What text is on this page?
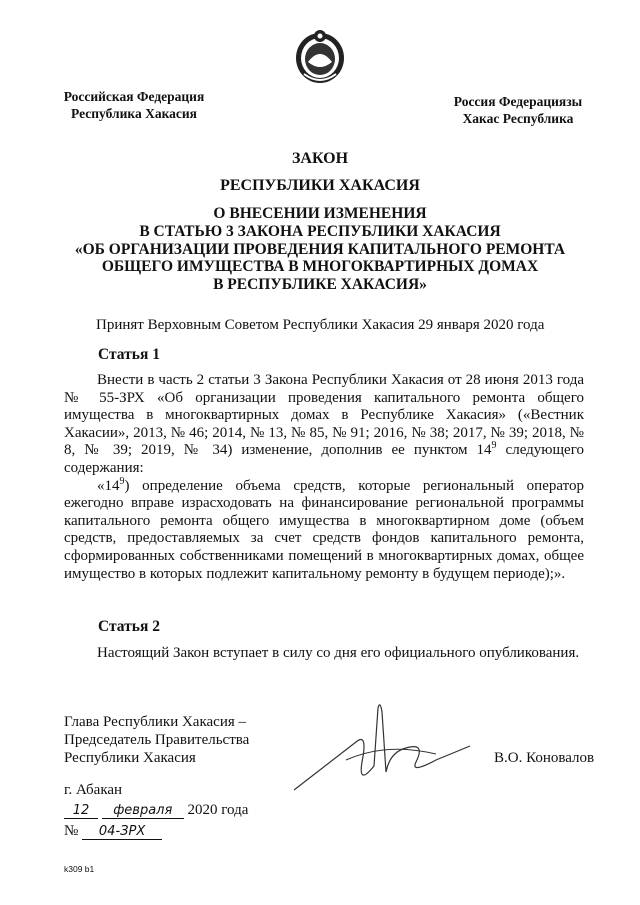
Российская Федерация
Республика Хакасия
Россия Федерациязы
Хакас Республика
ЗАКОН
РЕСПУБЛИКИ ХАКАСИЯ
О ВНЕСЕНИИ ИЗМЕНЕНИЯ
В СТАТЬЮ 3 ЗАКОНА РЕСПУБЛИКИ ХАКАСИЯ
«ОБ ОРГАНИЗАЦИИ ПРОВЕДЕНИЯ КАПИТАЛЬНОГО РЕМОНТА
ОБЩЕГО ИМУЩЕСТВА В МНОГОКВАРТИРНЫХ ДОМАХ
В РЕСПУБЛИКЕ ХАКАСИЯ»
Принят Верховным Советом Республики Хакасия 29 января 2020 года
Статья 1
Внести в часть 2 статьи 3 Закона Республики Хакасия от 28 июня 2013 года № 55-ЗРХ «Об организации проведения капитального ремонта общего имущества в многоквартирных домах в Республике Хакасия» («Вестник Хакасии», 2013, № 46; 2014, № 13, № 85, № 91; 2016, № 38; 2017, № 39; 2018, № 8, № 39; 2019, № 34) изменение, дополнив ее пунктом $14^9$ следующего содержания:
«$14^9$) определение объема средств, которые региональный оператор ежегодно вправе израсходовать на финансирование региональной программы капитального ремонта общего имущества в многоквартирном доме (объем средств, предоставляемых за счет средств фондов капитального ремонта, сформированных собственниками помещений в многоквартирных домах, общее имущество в которых подлежит капитальному ремонту в будущем периоде);».
Статья 2
Настоящий Закон вступает в силу со дня его официального опубликования.
Глава Республики Хакасия –
Председатель Правительства
Республики Хакасия	В.О. Коновалов
г. Абакан
12 февраля 2020 года
№ 04-ЗРХ
k309 b1
